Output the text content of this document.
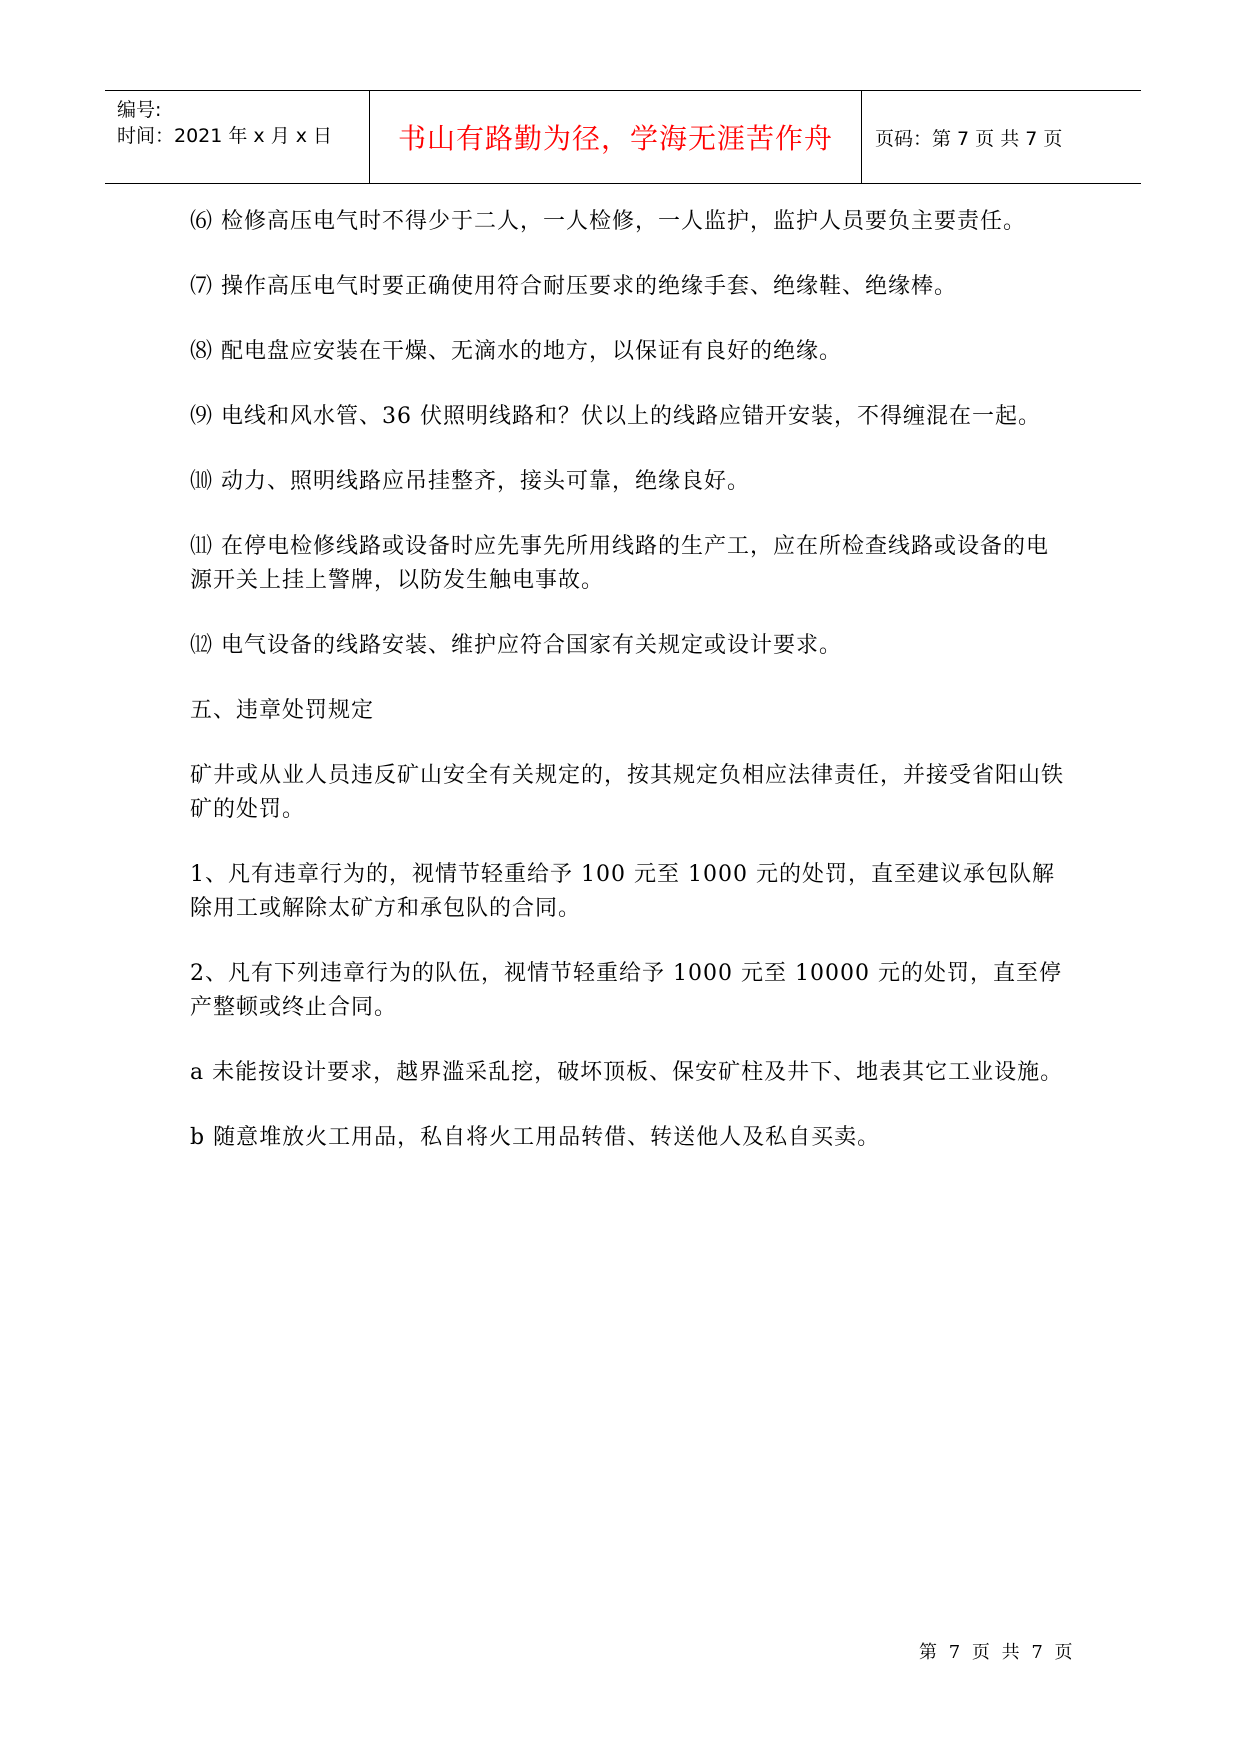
编号:
时间：2021 年 x 月 x 日	书山有路勤为径，学海无涯苦作舟	页码：第 7 页 共 7 页

⑹ 检修高压电气时不得少于二人，一人检修，一人监护，监护人员要负主要责任。

⑺ 操作高压电气时要正确使用符合耐压要求的绝缘手套、绝缘鞋、绝缘棒。

⑻ 配电盘应安装在干燥、无滴水的地方，以保证有良好的绝缘。

⑼ 电线和风水管、36 伏照明线路和？伏以上的线路应错开安装，不得缠混在一起。

⑽ 动力、照明线路应吊挂整齐，接头可靠，绝缘良好。

⑾ 在停电检修线路或设备时应先事先所用线路的生产工，应在所检查线路或设备的电源开关上挂上警牌，以防发生触电事故。

⑿ 电气设备的线路安装、维护应符合国家有关规定或设计要求。

五、违章处罚规定

矿井或从业人员违反矿山安全有关规定的，按其规定负相应法律责任，并接受省阳山铁矿的处罚。

1、凡有违章行为的，视情节轻重给予 100 元至 1000 元的处罚，直至建议承包队解除用工或解除太矿方和承包队的合同。

2、凡有下列违章行为的队伍，视情节轻重给予 1000 元至 10000 元的处罚，直至停产整顿或终止合同。

a 未能按设计要求，越界滥采乱挖，破坏顶板、保安矿柱及井下、地表其它工业设施。

b 随意堆放火工用品，私自将火工用品转借、转送他人及私自买卖。

第 7 页 共 7 页
